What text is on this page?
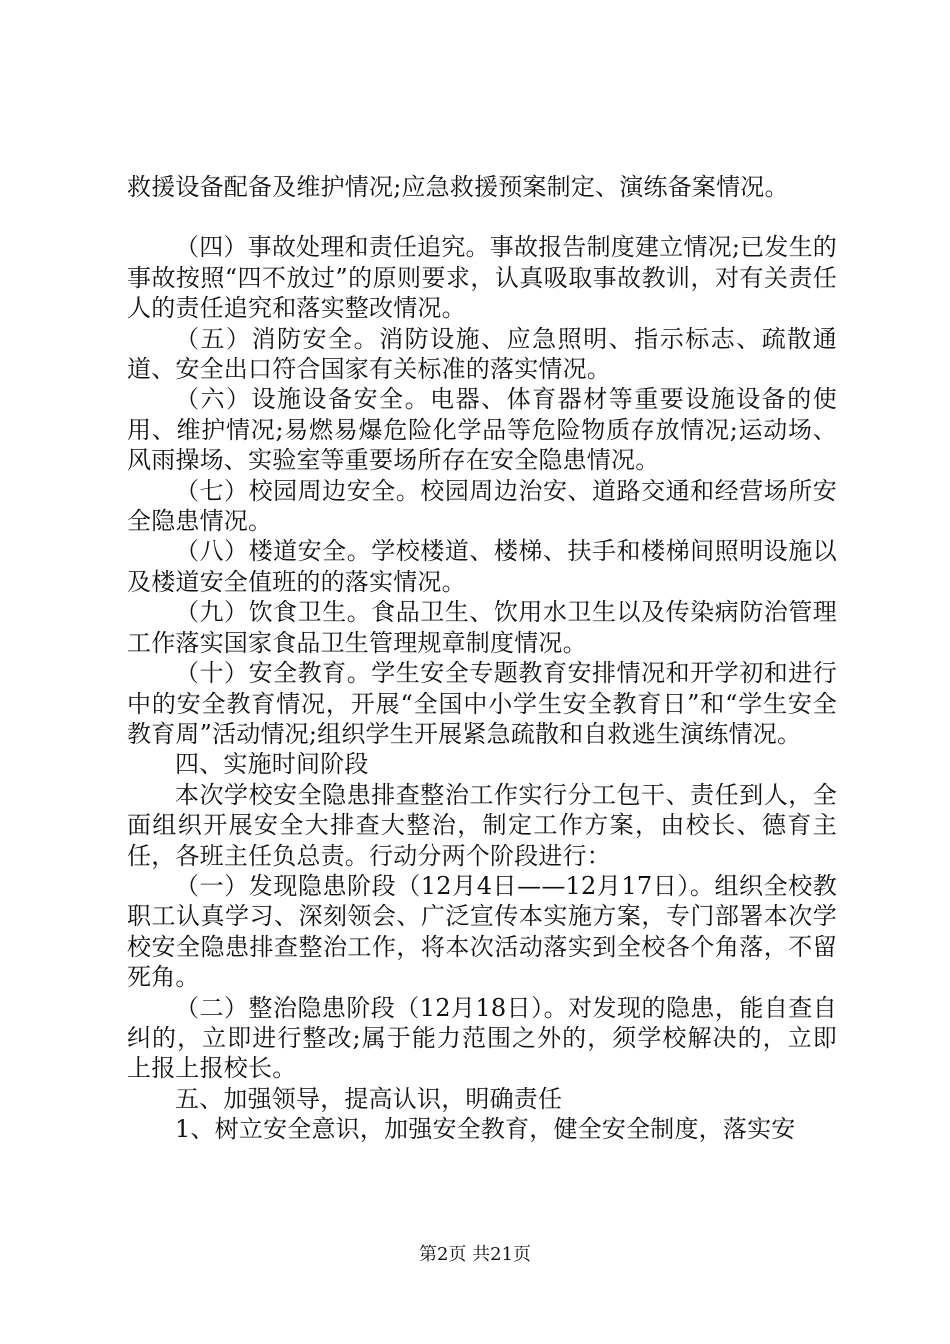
救援设备配备及维护情况;应急救援预案制定、演练备案情况。

（四）事故处理和责任追究。事故报告制度建立情况;已发生的事故按照“四不放过”的原则要求，认真吸取事故教训，对有关责任人的责任追究和落实整改情况。

（五）消防安全。消防设施、应急照明、指示标志、疏散通道、安全出口符合国家有关标准的落实情况。

（六）设施设备安全。电器、体育器材等重要设施设备的使用、维护情况;易燃易爆危险化学品等危险物质存放情况;运动场、风雨操场、实验室等重要场所存在安全隐患情况。

（七）校园周边安全。校园周边治安、道路交通和经营场所安全隐患情况。

（八）楼道安全。学校楼道、楼梯、扶手和楼梯间照明设施以及楼道安全值班的的落实情况。

（九）饮食卫生。食品卫生、饮用水卫生以及传染病防治管理工作落实国家食品卫生管理规章制度情况。

（十）安全教育。学生安全专题教育安排情况和开学初和进行中的安全教育情况，开展“全国中小学生安全教育日”和“学生安全教育周”活动情况;组织学生开展紧急疏散和自救逃生演练情况。

四、实施时间阶段

本次学校安全隐患排查整治工作实行分工包干、责任到人，全面组织开展安全大排查大整治，制定工作方案，由校长、德育主任，各班主任负总责。行动分两个阶段进行：

（一）发现隐患阶段（12月4日——12月17日）。组织全校教职工认真学习、深刻领会、广泛宣传本实施方案，专门部署本次学校安全隐患排查整治工作，将本次活动落实到全校各个角落，不留死角。

（二）整治隐患阶段（12月18日）。对发现的隐患，能自查自纠的，立即进行整改;属于能力范围之外的，须学校解决的，立即上报上报校长。

五、加强领导，提高认识，明确责任

1、树立安全意识，加强安全教育，健全安全制度，落实安

第2页 共21页
